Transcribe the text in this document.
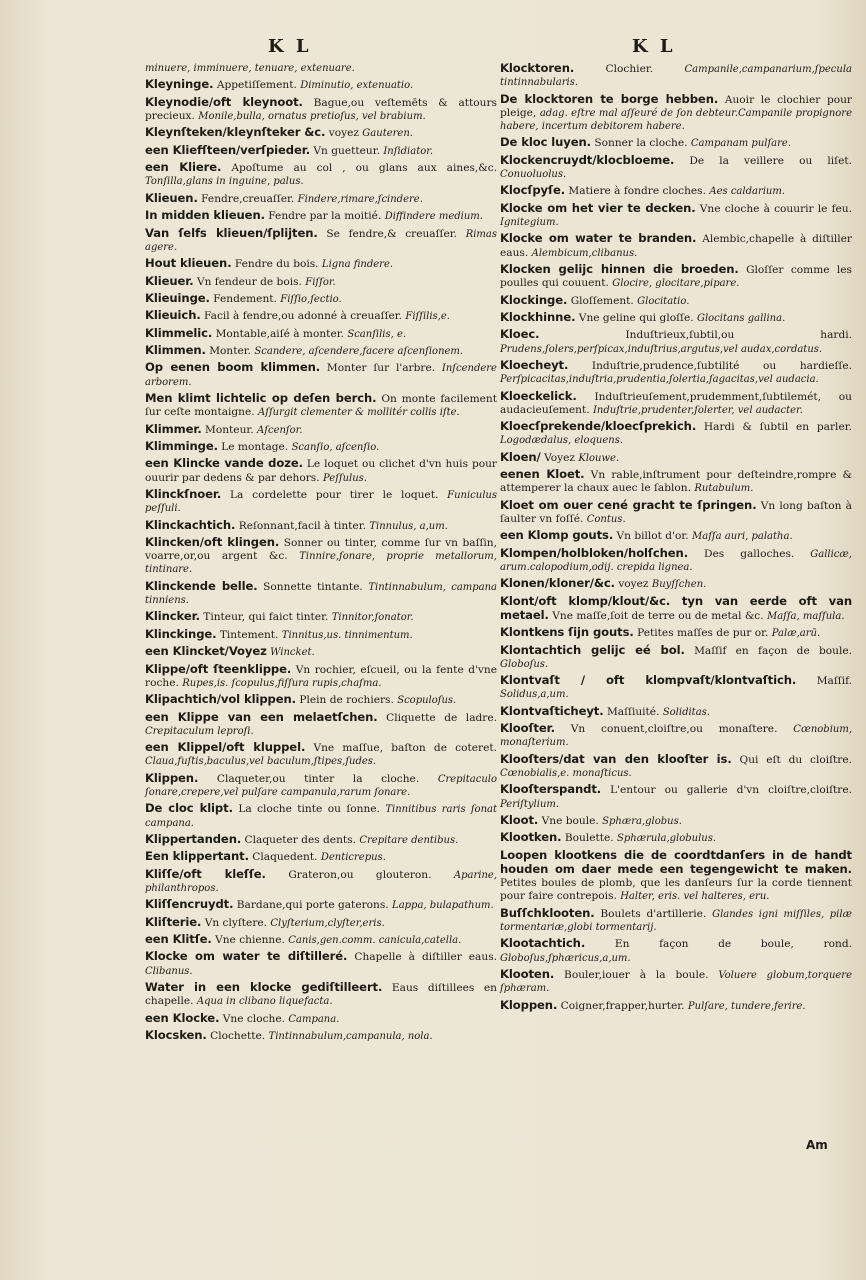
K L	K L
minuere, imminuere, tenuare, extenuare.
Kleyninge. Appetiſſement. Diminutio, extenuatio.
Kleynodie/oft kleynoot. Bague,ou veſtemēts & attours precieux. Monile,bulla, ornatus pretioſus, vel brabium.
Kleynſteken/kleynſteker &c. voyez Gauteren.
een Kliefſteen/verſpieder. Vn guetteur. Inſidiator.
een Kliere. Apoſtume au col , ou glans aux aines,&c. Tonſilla,glans in inguine, palus.
Klieuen. Fendre,creuaſſer. Findere,rimare,ſcindere.
In midden klieuen. Fendre par la moitié. Diffindere medium.
Van ſelfs klieuen/ſplijten. Se fendre,& creuaſſer. Rimas agere.
Hout klieuen. Fendre du bois. Ligna findere.
Klieuer. Vn fendeur de bois. Fiſſor.
Klieuinge. Fendement. Fiſſio,ſectio.
Klieuich. Facil à fendre,ou adonné à creuaſſer. Fiſſilis,e.
Klimmelic. Montable,aiſé à monter. Scanſilis, e.
Klimmen. Monter. Scandere, aſcendere,facere aſcenſionem.
Op eenen boom klimmen. Monter ſur l'arbre. Inſcendere arborem.
Men klimt lichtelic op deſen berch. On monte facilement ſur ceſte montaigne. Aſſurgit clementer & mollitér collis iſte.
Klimmer. Monteur. Aſcenſor.
Klimminge. Le montage. Scanſio, aſcenſio.
een Klincke vande doze. Le loquet ou clichet d'vn huis pour ouurir par dedens & par dehors. Peſſulus.
Klinckſnoer. La cordelette pour tirer le loquet. Funiculus peſſuli.
Klinckachtich. Reſonnant,facil à tinter. Tinnulus, a,um.
Klincken/oft klingen. Sonner ou tinter, comme ſur vn baſſin, voarre,or,ou argent &c. Tinnire,ſonare, proprie metallorum, tintinare.
Klinckende belle. Sonnette tintante. Tintinnabulum, campana tinniens.
Klincker. Tinteur, qui faict tinter. Tinnitor,ſonator.
Klinckinge. Tintement. Tinnitus,us. tinnimentum.
een Klincket/Voyez Wincket.
Klippe/oft ſteenklippe. Vn rochier, eſcueil, ou la fente d'vne roche. Rupes,is. ſcopulus,fiſſura rupis,chaſma.
Klipachtich/vol klippen. Plein de rochiers. Scopuloſus.
een Klippe van een melaetſchen. Cliquette de ladre. Crepitaculum leproſi.
een Klippel/oft kluppel. Vne maſſue, baſton de coteret. Claua,fuſtis,baculus,vel baculum,ſtipes,ſudes.
Klippen. Claqueter,ou tinter la cloche. Crepitaculo ſonare,crepere,vel pulſare campanula,rarum ſonare.
De cloc klipt. La cloche tinte ou ſonne. Tinnitibus raris ſonat campana.
Klippertanden. Claqueter des dents. Crepitare dentibus.
Een klippertant. Claquedent. Denticrepus.
Kliſſe/oft kleſſe. Grateron,ou glouteron. Aparine, philanthropos.
Kliſſencruydt. Bardane,qui porte gaterons. Lappa, bulapathum.
Kliſterie. Vn clyſtere. Clyſterium,clyſter,eris.
een Klitſe. Vne chienne. Canis,gen.comm. canicula,catella.
Klocke om water te diſtilleré. Chapelle à diſtiller eaus. Clibanus.
Water in een klocke gediſtilleert. Eaus diſtillees en chapelle. Aqua in clibano liquefacta.
een Klocke. Vne cloche. Campana.
Klocsken. Clochette. Tintinnabulum,campanula, nola.
Klocktoren.	Clochier.	Campanile,campanarium,ſpecula tintinnabularis.
De klocktoren te borge hebben. Auoir le clochier pour pleige, adag. eſtre mal aſſeuré de ſon debteur.Campanile propignore habere, incertum debitorem habere.
De kloc luyen. Sonner la cloche. Campanam pulſare.
Klockencruydt/klocbloeme. De la veillere ou liſet. Conuoluolus.
Klocſpyſe. Matiere à fondre cloches. Aes caldarium.
Klocke om het vier te decken. Vne cloche à couurir le feu. Ignitegium.
Klocke om water te branden. Alembic,chapelle à diſtiller eaus. Alembicum,clibanus.
Klocken gelijc hinnen die broeden. Gloſſer comme les poulles qui couuent. Glocire, glocitare,pipare.
Klockinge. Gloſſement. Glocitatio.
Klockhinne. Vne geline qui gloſſe. Glocitans gallina.
Kloec.	Induſtrieux,ſubtil,ou hardi. Prudens,ſolers,perſpicax,induſtrius,argutus,vel audax,cordatus.
Kloecheyt. Induſtrie,prudence,ſubtilité ou hardieſſe. Perſpicacitas,induſtria,prudentia,ſolertia,ſagacitas,vel audacia.
Kloeckelick. Induſtrieuſement,prudemment,ſubtilemét, ou audacieuſement. Induſtrie,prudenter,ſolerter, vel audacter.
Kloecſprekende/kloecſprekich. Hardi & ſubtil en parler. Logodædalus, eloquens.
Kloen/ Voyez Klouwe.
eenen Kloet. Vn rable,inſtrument pour deſteindre,rompre & attemperer la chaux auec le ſablon. Rutabulum.
Kloet om ouer cené gracht te ſpringen. Vn long baſton à ſaulter vn foſſé. Contus.
een Klomp gouts. Vn billot d'or. Maſſa auri, palatha.
Klompen/holbloken/holſchen. Des galloches. Gallicæ, arum.calopodium,odij. crepida lignea.
Klonen/kloner/&c. voyez Buyſſchen.
Klont/oft klomp/klout/&c. tyn van eerde oft van metael. Vne maſſe,ſoit de terre ou de metal &c. Maſſa, maſſula.
Klontkens ſijn gouts. Petites maſſes de pur or. Palæ,arū.
Klontachtich gelijc eé bol. Maſſif en façon de boule. Globoſus.
Klontvaſt / oft klompvaſt/klontvaſtich. Maſſif. Solidus,a,um.
Klontvaſticheyt. Maſſiuité. Soliditas.
Klooſter. Vn conuent,cloiſtre,ou monaſtere. Cœnobium, monaſterium.
Klooſters/dat van den klooſter is. Qui eſt du cloiſtre. Cœnobialis,e. monaſticus.
Klooſterspandt. L'entour ou gallerie d'vn cloiſtre,cloiſtre. Periſtylium.
Kloot. Vne boule. Sphæra,globus.
Klootken. Boulette. Sphærula,globulus.
Loopen klootkens die de coordtdanſers in de handt houden om daer mede een tegengewicht te maken. Petites boules de plomb, que les danſeurs ſur la corde tiennent pour faire contrepois. Halter, eris. vel halteres, eru.
Buſſchklooten. Boulets d'artillerie. Glandes igni miſſiles, pilæ tormentariæ,globi tormentarij.
Klootachtich.	En façon de boule, rond. Globoſus,ſphæricus,a,um.
Klooten. Bouler,iouer à la boule. Voluere globum,torquere ſphæram.
Kloppen. Coigner,frapper,hurter. Pulſare, tundere,ferire.
Am
